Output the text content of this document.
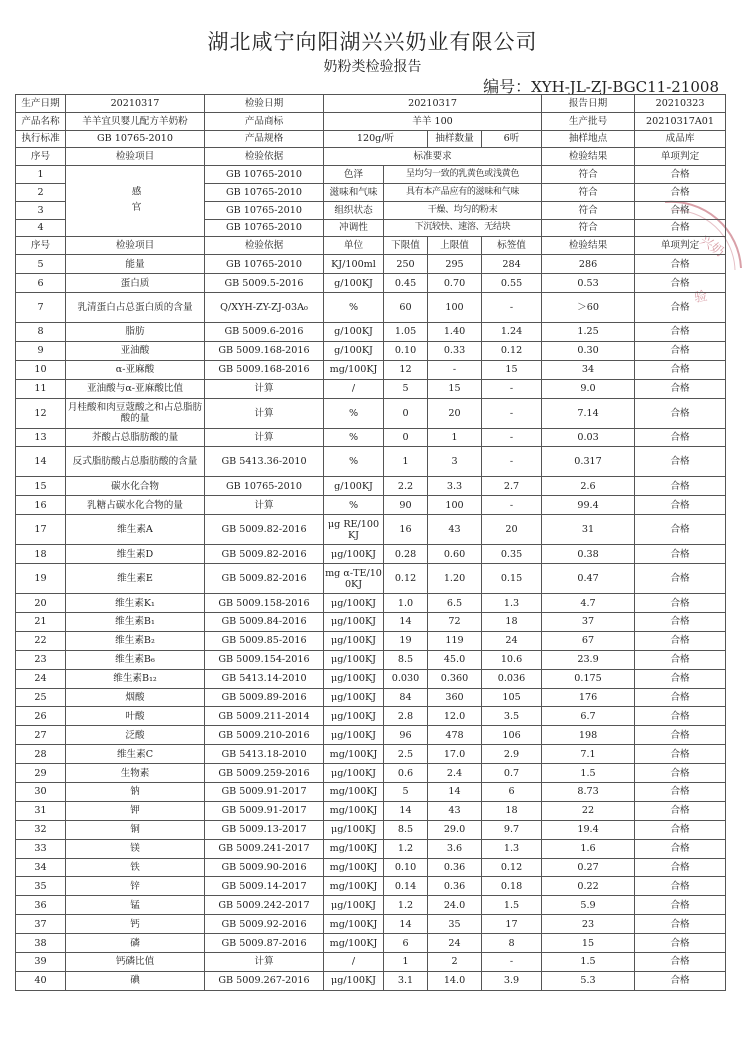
湖北咸宁向阳湖兴兴奶业有限公司
奶粉类检验报告
编号：XYH-JL-ZJ-BGC11-21008
兴奶
验
生产日期	20210317	检验日期	20210317				报告日期	20210323
产品名称	羊羊宜贝婴儿配方羊奶粉	产品商标	羊羊 100				生产批号	20210317A01
执行标准	GB 10765-2010	产品规格	120g/听		抽样数量	6听	抽样地点	成品库
序号	检验项目	检验依据	标准要求				检验结果	单项判定
1	感官	GB 10765-2010	色泽	呈均匀一致的乳黄色或浅黄色			符合	合格
2		GB 10765-2010	滋味和气味	具有本产品应有的滋味和气味			符合	合格
3		GB 10765-2010	组织状态	干燥、均匀的粉末			符合	合格
4		GB 10765-2010	冲调性	下沉较快、速溶、无结块			符合	合格
序号	检验项目	检验依据	单位	下限值	上限值	标签值	检验结果	单项判定
5	能量	GB 10765-2010	KJ/100ml	250	295	284	286	合格
6	蛋白质	GB 5009.5-2016	g/100KJ	0.45	0.70	0.55	0.53	合格
7	乳清蛋白占总蛋白质的含量	Q/XYH-ZY-ZJ-03A₀	%	60	100	-	＞60	合格
8	脂肪	GB 5009.6-2016	g/100KJ	1.05	1.40	1.24	1.25	合格
9	亚油酸	GB 5009.168-2016	g/100KJ	0.10	0.33	0.12	0.30	合格
10	α-亚麻酸	GB 5009.168-2016	mg/100KJ	12	-	15	34	合格
11	亚油酸与α-亚麻酸比值	计算	/	5	15	-	9.0	合格
12	月桂酸和肉豆蔻酸之和占总脂肪酸的量	计算	%	0	20	-	7.14	合格
13	芥酸占总脂肪酸的量	计算	%	0	1	-	0.03	合格
14	反式脂肪酸占总脂肪酸的含量	GB 5413.36-2010	%	1	3	-	0.317	合格
15	碳水化合物	GB 10765-2010	g/100KJ	2.2	3.3	2.7	2.6	合格
16	乳糖占碳水化合物的量	计算	%	90	100	-	99.4	合格
17	维生素A	GB 5009.82-2016	μg RE/100KJ	16	43	20	31	合格
18	维生素D	GB 5009.82-2016	μg/100KJ	0.28	0.60	0.35	0.38	合格
19	维生素E	GB 5009.82-2016	mg α-TE/100KJ	0.12	1.20	0.15	0.47	合格
20	维生素K₁	GB 5009.158-2016	μg/100KJ	1.0	6.5	1.3	4.7	合格
21	维生素B₁	GB 5009.84-2016	μg/100KJ	14	72	18	37	合格
22	维生素B₂	GB 5009.85-2016	μg/100KJ	19	119	24	67	合格
23	维生素B₆	GB 5009.154-2016	μg/100KJ	8.5	45.0	10.6	23.9	合格
24	维生素B₁₂	GB 5413.14-2010	μg/100KJ	0.030	0.360	0.036	0.175	合格
25	烟酸	GB 5009.89-2016	μg/100KJ	84	360	105	176	合格
26	叶酸	GB 5009.211-2014	μg/100KJ	2.8	12.0	3.5	6.7	合格
27	泛酸	GB 5009.210-2016	μg/100KJ	96	478	106	198	合格
28	维生素C	GB 5413.18-2010	mg/100KJ	2.5	17.0	2.9	7.1	合格
29	生物素	GB 5009.259-2016	μg/100KJ	0.6	2.4	0.7	1.5	合格
30	钠	GB 5009.91-2017	mg/100KJ	5	14	6	8.73	合格
31	钾	GB 5009.91-2017	mg/100KJ	14	43	18	22	合格
32	铜	GB 5009.13-2017	μg/100KJ	8.5	29.0	9.7	19.4	合格
33	镁	GB 5009.241-2017	mg/100KJ	1.2	3.6	1.3	1.6	合格
34	铁	GB 5009.90-2016	mg/100KJ	0.10	0.36	0.12	0.27	合格
35	锌	GB 5009.14-2017	mg/100KJ	0.14	0.36	0.18	0.22	合格
36	锰	GB 5009.242-2017	μg/100KJ	1.2	24.0	1.5	5.9	合格
37	钙	GB 5009.92-2016	mg/100KJ	14	35	17	23	合格
38	磷	GB 5009.87-2016	mg/100KJ	6	24	8	15	合格
39	钙磷比值	计算	/	1	2	-	1.5	合格
40	碘	GB 5009.267-2016	μg/100KJ	3.1	14.0	3.9	5.3	合格
